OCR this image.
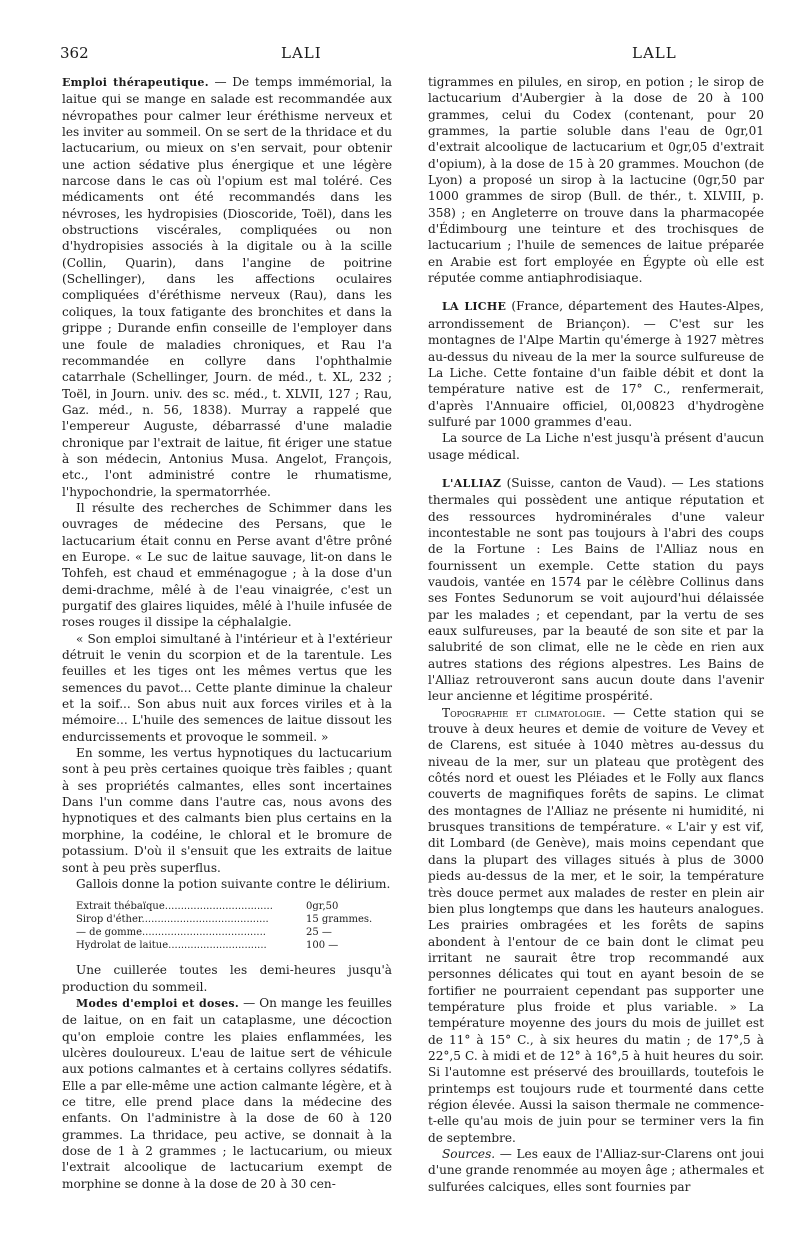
362	LALI	LALL

Emploi thérapeutique. — De temps immémorial, la laitue qui se mange en salade est recommandée aux névropathes pour calmer leur éréthisme nerveux et les inviter au sommeil. On se sert de la thridace et du lactucarium, ou mieux on s'en servait, pour obtenir une action sédative plus énergique et une légère narcose dans le cas où l'opium est mal toléré. Ces médicaments ont été recommandés dans les névroses, les hydropisies (Dioscoride, Toël), dans les obstructions viscérales, compliquées ou non d'hydropisies associés à la digitale ou à la scille (Collin, Quarin), dans l'angine de poitrine (Schellinger), dans les affections oculaires compliquées d'éréthisme nerveux (Rau), dans les coliques, la toux fatigante des bronchites et dans la grippe ; Durande enfin conseille de l'employer dans une foule de maladies chroniques, et Rau l'a recommandée en collyre dans l'ophthalmie catarrhale (Schellinger, Journ. de méd., t. XL, 232 ; Toël, in Journ. univ. des sc. méd., t. XLVII, 127 ; Rau, Gaz. méd., n. 56, 1838). Murray a rappelé que l'empereur Auguste, débarrassé d'une maladie chronique par l'extrait de laitue, fit ériger une statue à son médecin, Antonius Musa. Angelot, François, etc., l'ont administré contre le rhumatisme, l'hypochondrie, la spermatorrhée.

Il résulte des recherches de Schimmer dans les ouvrages de médecine des Persans, que le lactucarium était connu en Perse avant d'être prôné en Europe. « Le suc de laitue sauvage, lit-on dans le Tohfeh, est chaud et emménagogue ; à la dose d'un demi-drachme, mêlé à de l'eau vinaigrée, c'est un purgatif des glaires liquides, mêlé à l'huile infusée de roses rouges il dissipe la céphalalgie.

« Son emploi simultané à l'intérieur et à l'extérieur détruit le venin du scorpion et de la tarentule. Les feuilles et les tiges ont les mêmes vertus que les semences du pavot... Cette plante diminue la chaleur et la soif... Son abus nuit aux forces viriles et à la mémoire... L'huile des semences de laitue dissout les endurcissements et provoque le sommeil. »

En somme, les vertus hypnotiques du lactucarium sont à peu près certaines quoique très faibles ; quant à ses propriétés calmantes, elles sont incertaines Dans l'un comme dans l'autre cas, nous avons des hypnotiques et des calmants bien plus certains en la morphine, la codéine, le chloral et le bromure de potassium. D'où il s'ensuit que les extraits de laitue sont à peu près superflus.

Gallois donne la potion suivante contre le délirium.

Extrait thébaïque..................................	0gr,50
Sirop d'éther........................................	15 grammes.
— de gomme.......................................	25 —
Hydrolat de laitue...............................	100 —

Une cuillerée toutes les demi-heures jusqu'à production du sommeil.

Modes d'emploi et doses. — On mange les feuilles de laitue, on en fait un cataplasme, une décoction qu'on emploie contre les plaies enflammées, les ulcères douloureux. L'eau de laitue sert de véhicule aux potions calmantes et à certains collyres sédatifs. Elle a par elle-même une action calmante légère, et à ce titre, elle prend place dans la médecine des enfants. On l'administre à la dose de 60 à 120 grammes. La thridace, peu active, se donnait à la dose de 1 à 2 grammes ; le lactucarium, ou mieux l'extrait alcoolique de lactucarium exempt de morphine se donne à la dose de 20 à 30 cen-

tigrammes en pilules, en sirop, en potion ; le sirop de lactucarium d'Aubergier à la dose de 20 à 100 grammes, celui du Codex (contenant, pour 20 grammes, la partie soluble dans l'eau de 0gr,01 d'extrait alcoolique de lactucarium et 0gr,05 d'extrait d'opium), à la dose de 15 à 20 grammes. Mouchon (de Lyon) a proposé un sirop à la lactucine (0gr,50 par 1000 grammes de sirop (Bull. de thér., t. XLVIII, p. 358) ; en Angleterre on trouve dans la pharmacopée d'Édimbourg une teinture et des trochisques de lactucarium ; l'huile de semences de laitue préparée en Arabie est fort employée en Égypte où elle est réputée comme antiaphrodisiaque.

LA LICHE (France, département des Hautes-Alpes, arrondissement de Briançon). — C'est sur les montagnes de l'Alpe Martin qu'émerge à 1927 mètres au-dessus du niveau de la mer la source sulfureuse de La Liche. Cette fontaine d'un faible débit et dont la température native est de 17° C., renfermerait, d'après l'Annuaire officiel, 0l,00823 d'hydrogène sulfuré par 1000 grammes d'eau.

La source de La Liche n'est jusqu'à présent d'aucun usage médical.

L'ALLIAZ (Suisse, canton de Vaud). — Les stations thermales qui possèdent une antique réputation et des ressources hydrominérales d'une valeur incontestable ne sont pas toujours à l'abri des coups de la Fortune : Les Bains de l'Alliaz nous en fournissent un exemple. Cette station du pays vaudois, vantée en 1574 par le célèbre Collinus dans ses Fontes Sedunorum se voit aujourd'hui délaissée par les malades ; et cependant, par la vertu de ses eaux sulfureuses, par la beauté de son site et par la salubrité de son climat, elle ne le cède en rien aux autres stations des régions alpestres. Les Bains de l'Alliaz retrouveront sans aucun doute dans l'avenir leur ancienne et légitime prospérité.

Topographie et climatologie. — Cette station qui se trouve à deux heures et demie de voiture de Vevey et de Clarens, est située à 1040 mètres au-dessus du niveau de la mer, sur un plateau que protègent des côtés nord et ouest les Pléiades et le Folly aux flancs couverts de magnifiques forêts de sapins. Le climat des montagnes de l'Alliaz ne présente ni humidité, ni brusques transitions de température. « L'air y est vif, dit Lombard (de Genève), mais moins cependant que dans la plupart des villages situés à plus de 3000 pieds au-dessus de la mer, et le soir, la température très douce permet aux malades de rester en plein air bien plus longtemps que dans les hauteurs analogues. Les prairies ombragées et les forêts de sapins abondent à l'entour de ce bain dont le climat peu irritant ne saurait être trop recommandé aux personnes délicates qui tout en ayant besoin de se fortifier ne pourraient cependant pas supporter une température plus froide et plus variable. » La température moyenne des jours du mois de juillet est de 11° à 15° C., à six heures du matin ; de 17°,5 à 22°,5 C. à midi et de 12° à 16°,5 à huit heures du soir. Si l'automne est préservé des brouillards, toutefois le printemps est toujours rude et tourmenté dans cette région élevée. Aussi la saison thermale ne commence-t-elle qu'au mois de juin pour se terminer vers la fin de septembre.

Sources. — Les eaux de l'Alliaz-sur-Clarens ont joui d'une grande renommée au moyen âge ; athermales et sulfurées calciques, elles sont fournies par
